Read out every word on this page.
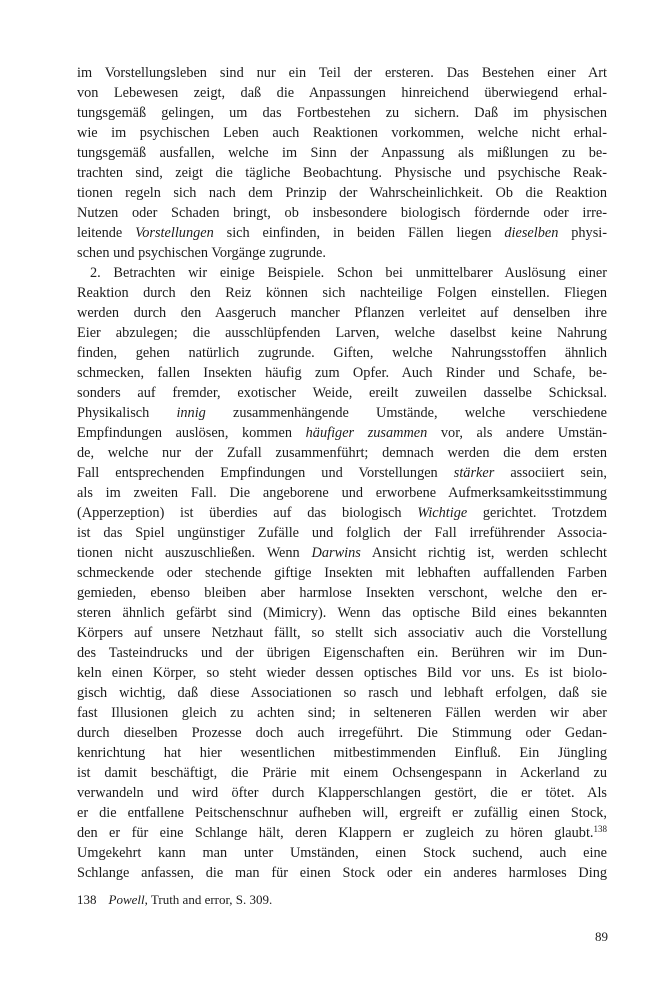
im Vorstellungsleben sind nur ein Teil der ersteren. Das Bestehen einer Art
von Lebewesen zeigt, daß die Anpassungen hinreichend überwiegend erhal-
tungsgemäß gelingen, um das Fortbestehen zu sichern. Daß im physischen
wie im psychischen Leben auch Reaktionen vorkommen, welche nicht erhal-
tungsgemäß ausfallen, welche im Sinn der Anpassung als mißlungen zu be-
trachten sind, zeigt die tägliche Beobachtung. Physische und psychische Reak-
tionen regeln sich nach dem Prinzip der Wahrscheinlichkeit. Ob die Reaktion
Nutzen oder Schaden bringt, ob insbesondere biologisch fördernde oder irre-
leitende Vorstellungen sich einfinden, in beiden Fällen liegen dieselben physi-
schen und psychischen Vorgänge zugrunde.
2. Betrachten wir einige Beispiele. Schon bei unmittelbarer Auslösung einer
Reaktion durch den Reiz können sich nachteilige Folgen einstellen. Fliegen
werden durch den Aasgeruch mancher Pflanzen verleitet auf denselben ihre
Eier abzulegen; die ausschlüpfenden Larven, welche daselbst keine Nahrung
finden, gehen natürlich zugrunde. Giften, welche Nahrungsstoffen ähnlich
schmecken, fallen Insekten häufig zum Opfer. Auch Rinder und Schafe, be-
sonders auf fremder, exotischer Weide, ereilt zuweilen dasselbe Schicksal.
Physikalisch innig zusammenhängende Umstände, welche verschiedene
Empfindungen auslösen, kommen häufiger zusammen vor, als andere Umstän-
de, welche nur der Zufall zusammenführt; demnach werden die dem ersten
Fall entsprechenden Empfindungen und Vorstellungen stärker associiert sein,
als im zweiten Fall. Die angeborene und erworbene Aufmerksamkeitsstimmung
(Apperzeption) ist überdies auf das biologisch Wichtige gerichtet. Trotzdem
ist das Spiel ungünstiger Zufälle und folglich der Fall irreführender Associa-
tionen nicht auszuschließen. Wenn Darwins Ansicht richtig ist, werden schlecht
schmeckende oder stechende giftige Insekten mit lebhaften auffallenden Farben
gemieden, ebenso bleiben aber harmlose Insekten verschont, welche den er-
steren ähnlich gefärbt sind (Mimicry). Wenn das optische Bild eines bekannten
Körpers auf unsere Netzhaut fällt, so stellt sich associativ auch die Vorstellung
des Tasteindrucks und der übrigen Eigenschaften ein. Berühren wir im Dun-
keln einen Körper, so steht wieder dessen optisches Bild vor uns. Es ist biolo-
gisch wichtig, daß diese Associationen so rasch und lebhaft erfolgen, daß sie
fast Illusionen gleich zu achten sind; in selteneren Fällen werden wir aber
durch dieselben Prozesse doch auch irregeführt. Die Stimmung oder Gedan-
kenrichtung hat hier wesentlichen mitbestimmenden Einfluß. Ein Jüngling
ist damit beschäftigt, die Prärie mit einem Ochsengespann in Ackerland zu
verwandeln und wird öfter durch Klapperschlangen gestört, die er tötet. Als
er die entfallene Peitschenschnur aufheben will, ergreift er zufällig einen Stock,
den er für eine Schlange hält, deren Klappern er zugleich zu hören glaubt.$^{138}$
Umgekehrt kann man unter Umständen, einen Stock suchend, auch eine
Schlange anfassen, die man für einen Stock oder ein anderes harmloses Ding
138 Powell, Truth and error, S. 309.
89
